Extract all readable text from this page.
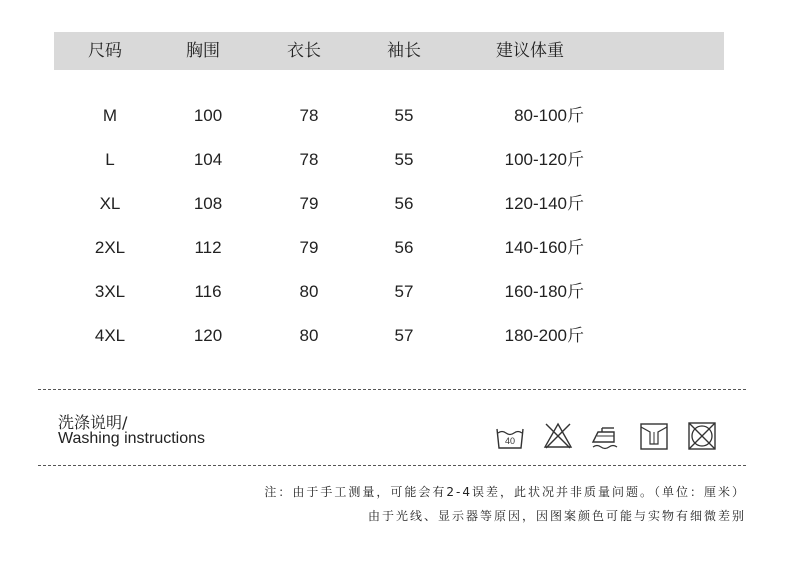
尺码	胸围	衣长	袖长	建议体重
M	100	78	55	80-100斤
L	104	78	55	100-120斤
XL	108	79	56	120-140斤
2XL	112	79	56	140-160斤
3XL	116	80	57	160-180斤
4XL	120	80	57	180-200斤
洗涤说明/
Washing instructions	40
注：由于手工测量，可能会有2-4误差，此状况并非质量问题。（单位：厘米）
由于光线、显示器等原因，因图案颜色可能与实物有细微差别
